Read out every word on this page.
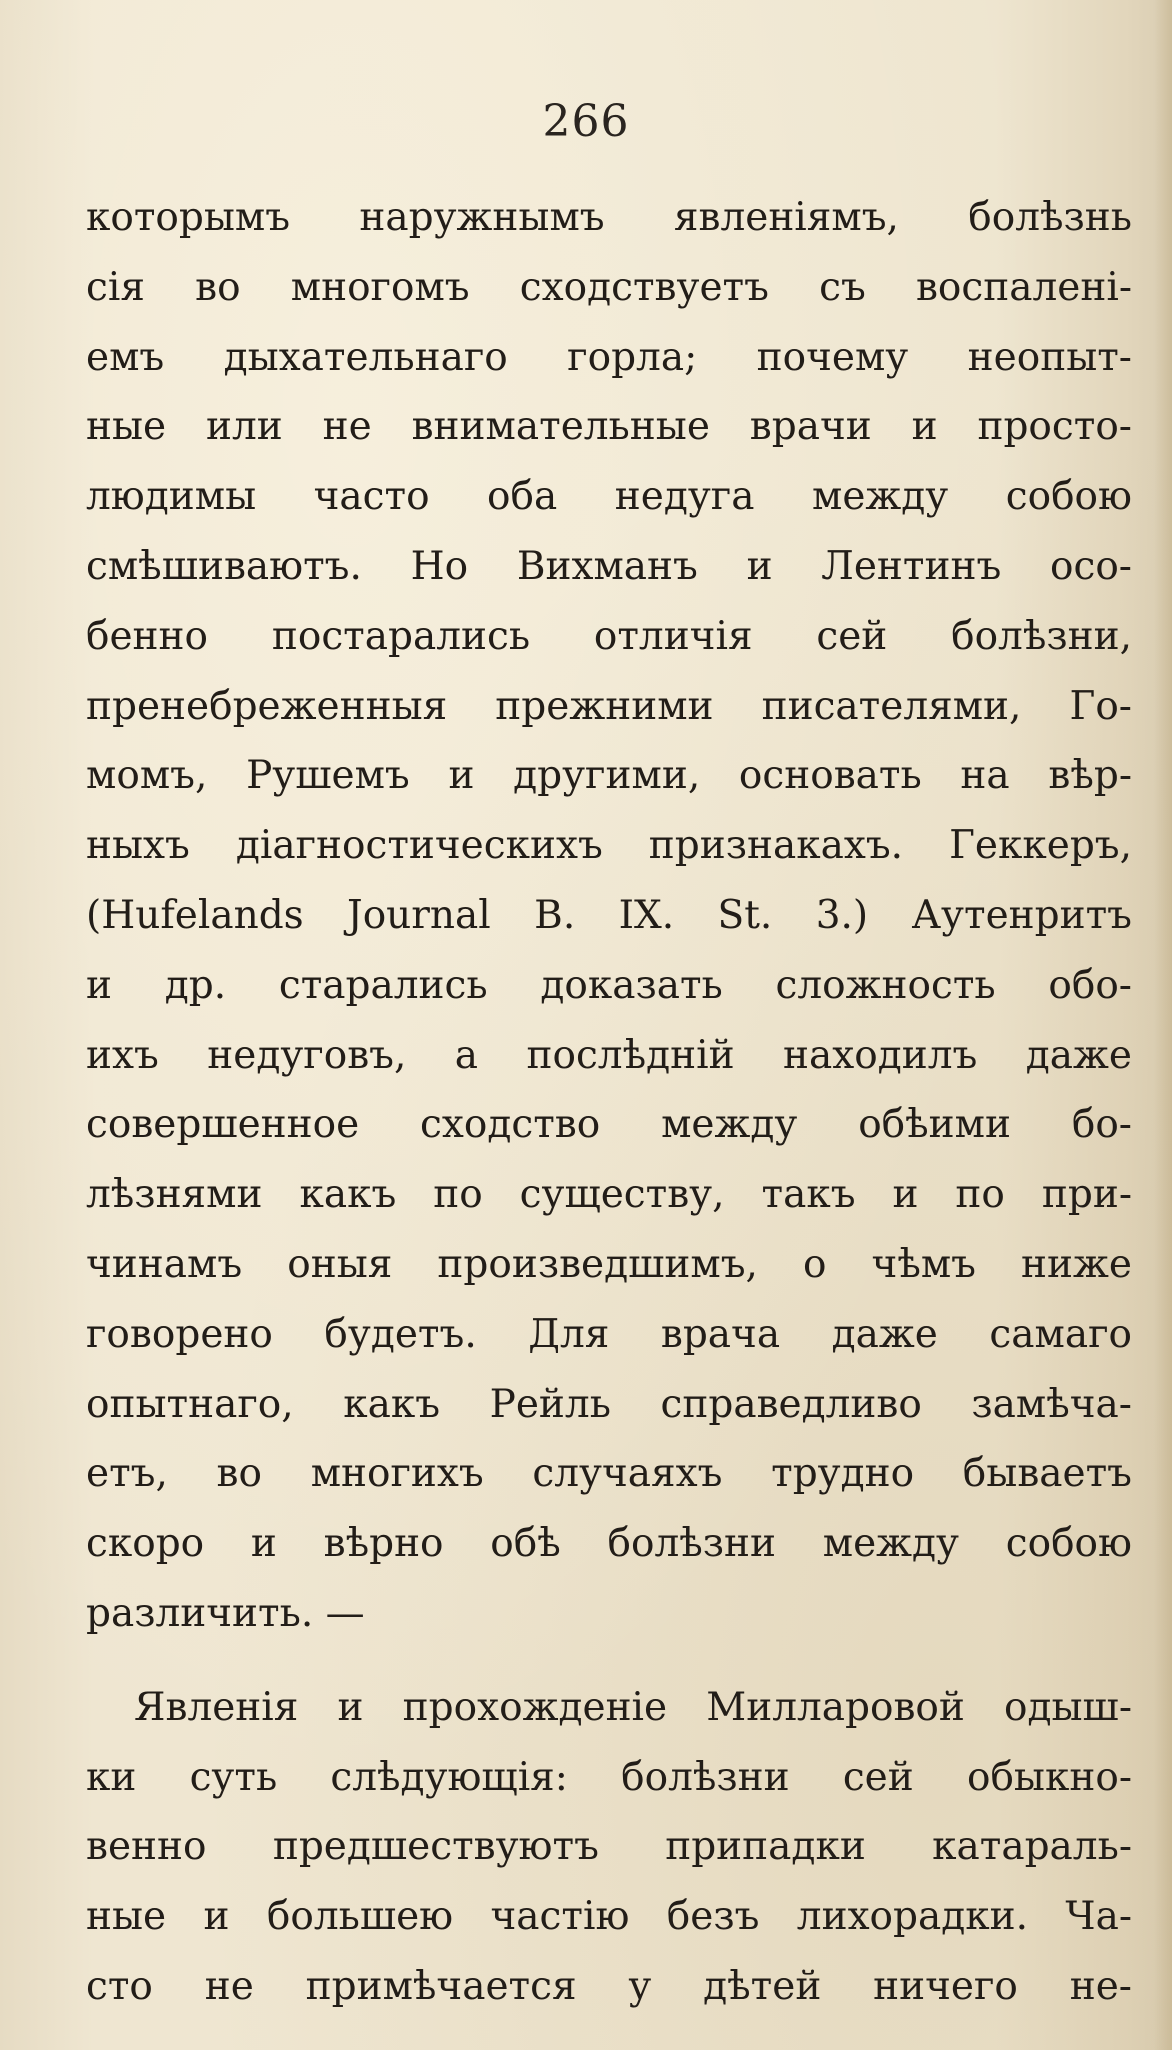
266
которымъ наружнымъ явленіямъ, болѣзнь
сія во многомъ сходствуетъ съ воспаленi-
емъ дыхательнаго горла; почему неопыт-
ные или не внимательные врачи и просто-
людимы часто оба недуга между собою
смѣшиваютъ. Но Вихманъ и Лентинъ осо-
бенно постарались отличія сей болѣзни,
пренебреженныя прежними писателями, Го-
момъ, Рушемъ и другими, основать на вѣр-
ныхъ діагностическихъ признакахъ. Геккеръ,
(Hufelands Journal B. IX. St. 3.) Аутенритъ
и др. старались доказать сложность обо-
ихъ недуговъ, а послѣдній находилъ даже
совершенное сходство между обѣими бо-
лѣзнями какъ по существу, такъ и по при-
чинамъ оныя произведшимъ, о чѣмъ ниже
говорено будетъ. Для врача даже самаго
опытнаго, какъ Рейль справедливо замѣча-
етъ, во многихъ случаяхъ трудно бываетъ
скоро и вѣрно обѣ болѣзни между собою
различить. —
Явленія и прохожденіе Милларовой одыш-
ки суть слѣдующія: болѣзни сей обыкно-
венно предшествуютъ припадки катараль-
ные и большею частію безъ лихорадки. Ча-
сто не примѣчается у дѣтей ничего не-
